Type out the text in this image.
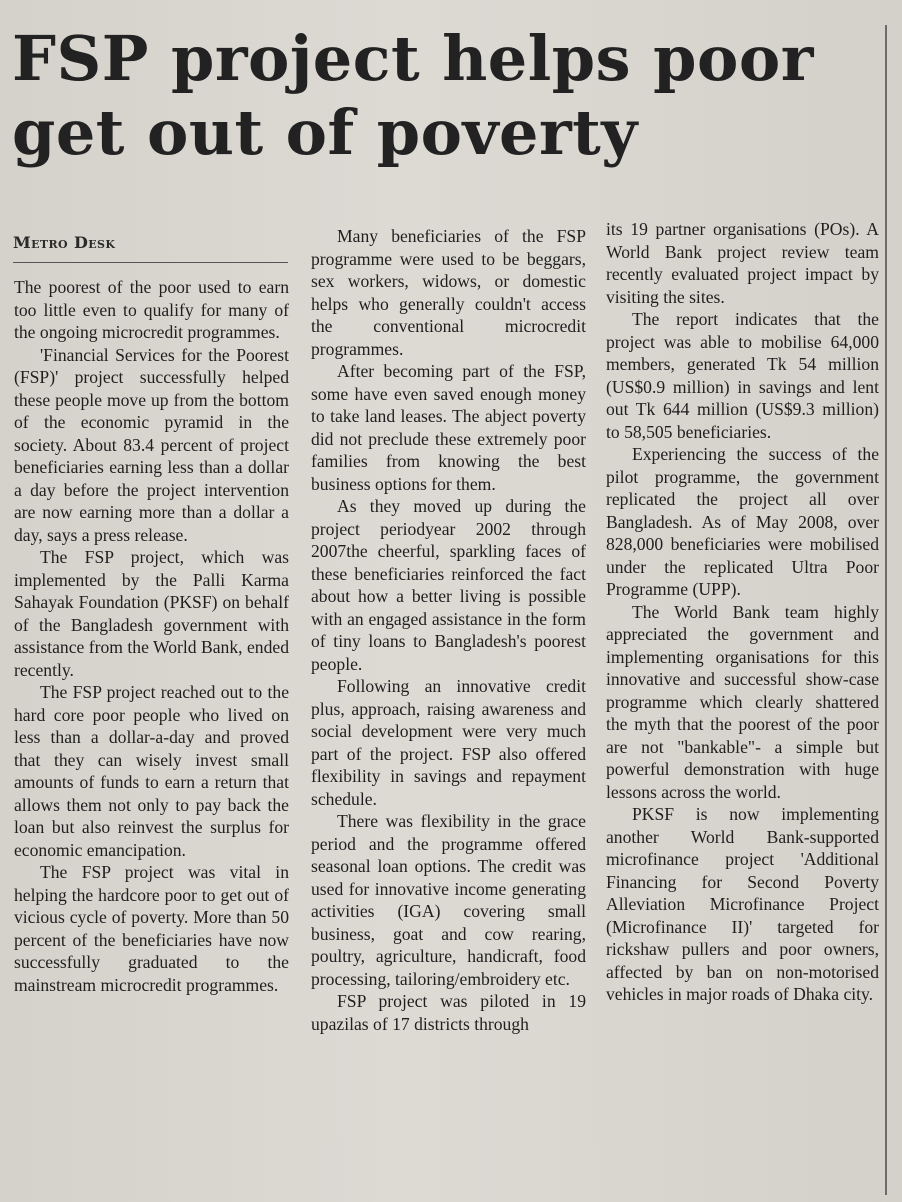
FSP project helps poor get out of poverty
Metro Desk

The poorest of the poor used to earn too little even to qualify for many of the ongoing microcredit programmes.

'Financial Services for the Poorest (FSP)' project successfully helped these people move up from the bottom of the economic pyramid in the society. About 83.4 percent of project beneficiaries earning less than a dollar a day before the project intervention are now earning more than a dollar a day, says a press release.

The FSP project, which was implemented by the Palli Karma Sahayak Foundation (PKSF) on behalf of the Bangladesh government with assistance from the World Bank, ended recently.

The FSP project reached out to the hard core poor people who lived on less than a dollar-a-day and proved that they can wisely invest small amounts of funds to earn a return that allows them not only to pay back the loan but also reinvest the surplus for economic emancipation.

The FSP project was vital in helping the hardcore poor to get out of vicious cycle of poverty. More than 50 percent of the beneficiaries have now successfully graduated to the mainstream microcredit programmes.

Many beneficiaries of the FSP programme were used to be beggars, sex workers, widows, or domestic helps who generally couldn't access the conventional microcredit programmes.

After becoming part of the FSP, some have even saved enough money to take land leases. The abject poverty did not preclude these extremely poor families from knowing the best business options for them.

As they moved up during the project periodyear 2002 through 2007the cheerful, sparkling faces of these beneficiaries reinforced the fact about how a better living is possible with an engaged assistance in the form of tiny loans to Bangladesh's poorest people.

Following an innovative credit plus, approach, raising awareness and social development were very much part of the project. FSP also offered flexibility in savings and repayment schedule.

There was flexibility in the grace period and the programme offered seasonal loan options. The credit was used for innovative income generating activities (IGA) covering small business, goat and cow rearing, poultry, agriculture, handicraft, food processing, tailoring/embroidery etc.

FSP project was piloted in 19 upazilas of 17 districts through

its 19 partner organisations (POs). A World Bank project review team recently evaluated project impact by visiting the sites.

The report indicates that the project was able to mobilise 64,000 members, generated Tk 54 million (US$0.9 million) in savings and lent out Tk 644 million (US$9.3 million) to 58,505 beneficiaries.

Experiencing the success of the pilot programme, the government replicated the project all over Bangladesh. As of May 2008, over 828,000 beneficiaries were mobilised under the replicated Ultra Poor Programme (UPP).

The World Bank team highly appreciated the government and implementing organisations for this innovative and successful show-case programme which clearly shattered the myth that the poorest of the poor are not "bankable"- a simple but powerful demonstration with huge lessons across the world.

PKSF is now implementing another World Bank-supported microfinance project 'Additional Financing for Second Poverty Alleviation Microfinance Project (Microfinance II)' targeted for rickshaw pullers and poor owners, affected by ban on non-motorised vehicles in major roads of Dhaka city.
